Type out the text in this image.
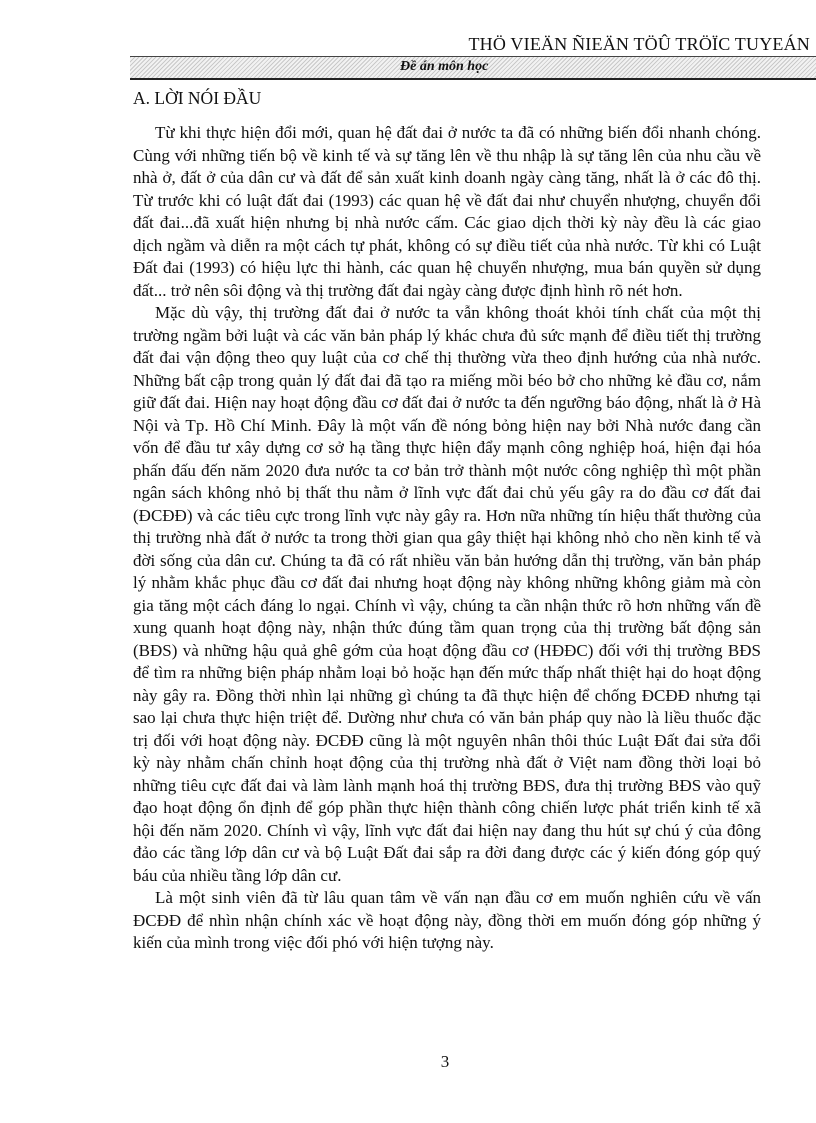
THÖ VIEÄN ÑIEÄN TÖÛ TRÖÏC TUYEÁN
Đề án môn học
A. LỜI NÓI ĐẦU

Từ khi thực hiện đổi mới, quan hệ đất đai ở nước ta đã có những biến đổi nhanh chóng. Cùng với những tiến bộ về kinh tế và sự tăng lên về thu nhập là sự tăng lên của nhu cầu về nhà ở, đất ở của dân cư và đất để sản xuất kinh doanh ngày càng tăng, nhất là ở các đô thị. Từ trước khi có luật đất đai (1993) các quan hệ về đất đai như chuyển nhượng, chuyển đổi đất đai...đã xuất hiện nhưng bị nhà nước cấm. Các giao dịch thời kỳ này đều là các giao dịch ngầm và diễn ra một cách tự phát, không có sự điều tiết của nhà nước. Từ khi có Luật Đất đai (1993) có hiệu lực thi hành, các quan hệ chuyển nhượng, mua bán quyền sử dụng đất... trở nên sôi động và thị trường đất đai ngày càng được định hình rõ nét hơn.

Mặc dù vậy, thị trường đất đai ở nước ta vẫn không thoát khỏi tính chất của một thị trường ngầm bởi luật và các văn bản pháp lý khác chưa đủ sức mạnh để điều tiết thị trường đất đai vận động theo quy luật của cơ chế thị thường vừa theo định hướng của nhà nước. Những bất cập trong quản lý đất đai đã tạo ra miếng mồi béo bở cho những kẻ đầu cơ, nắm giữ đất đai. Hiện nay hoạt động đầu cơ đất đai ở nước ta đến ngưỡng báo động, nhất là ở Hà Nội và Tp. Hồ Chí Minh. Đây là một vấn đề nóng bỏng hiện nay bởi Nhà nước đang cần vốn để đầu tư xây dựng cơ sở hạ tầng thực hiện đẩy mạnh công nghiệp hoá, hiện đại hóa phấn đấu đến năm 2020 đưa nước ta cơ bản trở thành một nước công nghiệp thì một phần ngân sách không nhỏ bị thất thu nằm ở lĩnh vực đất đai chủ yếu gây ra do đầu cơ đất đai (ĐCĐĐ) và các tiêu cực trong lĩnh vực này gây ra. Hơn nữa những tín hiệu thất thường của thị trường nhà đất ở nước ta trong thời gian qua gây thiệt hại không nhỏ cho nền kinh tế và đời sống của dân cư. Chúng ta đã có rất nhiều văn bản hướng dẫn thị trường, văn bản pháp lý nhằm khắc phục đầu cơ đất đai nhưng hoạt động này không những không giảm mà còn gia tăng một cách đáng lo ngại. Chính vì vậy, chúng ta cần nhận thức rõ hơn những vấn đề xung quanh hoạt động này, nhận thức đúng tầm quan trọng của thị trường bất động sản (BĐS) và những hậu quả ghê gớm của hoạt động đầu cơ (HĐĐC) đối với thị trường BĐS để tìm ra những biện pháp nhằm loại bỏ hoặc hạn đến mức thấp nhất thiệt hại do hoạt động này gây ra. Đồng thời nhìn lại những gì chúng ta đã thực hiện để chống ĐCĐĐ nhưng tại sao lại chưa thực hiện triệt để. Dường như chưa có văn bản pháp quy nào là liều thuốc đặc trị đối với hoạt động này. ĐCĐĐ cũng là một nguyên nhân thôi thúc Luật Đất đai sửa đổi kỳ này nhằm chấn chỉnh hoạt động của thị trường nhà đất ở Việt nam đồng thời loại bỏ những tiêu cực đất đai và làm lành mạnh hoá thị trường BĐS, đưa thị trường BĐS vào quỹ đạo hoạt động ổn định để góp phần thực hiện thành công chiến lược phát triển kinh tế xã hội đến năm 2020. Chính vì vậy, lĩnh vực đất đai hiện nay đang thu hút sự chú ý của đông đảo các tầng lớp dân cư và bộ Luật Đất đai sắp ra đời đang được các ý kiến đóng góp quý báu của nhiều tầng lớp dân cư.

Là một sinh viên đã từ lâu quan tâm về vấn nạn đầu cơ em muốn nghiên cứu về vấn ĐCĐĐ để nhìn nhận chính xác về hoạt động này, đồng thời em muốn đóng góp những ý kiến của mình trong việc đối phó với hiện tượng này.

3
